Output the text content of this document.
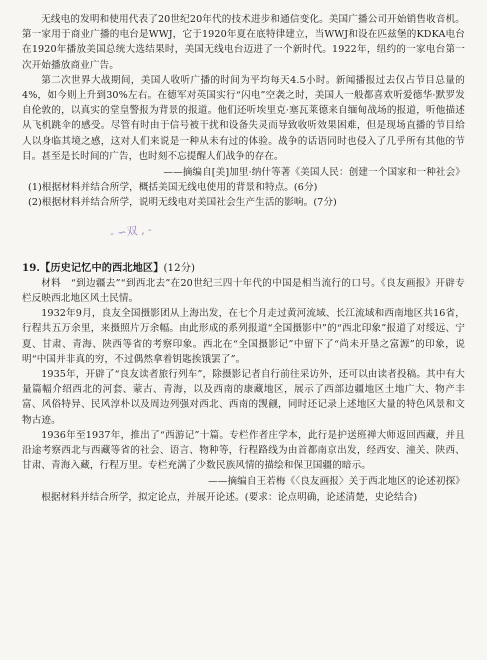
无线电的发明和使用代表了20世纪20年代的技术进步和通信变化。美国广播公司开始销售收音机。第一家用于商业广播的电台是WWJ，它于1920年夏在底特律建立，当WWJ和设在匹兹堡的KDKA电台在1920年播放美国总统大选结果时，美国无线电台迈进了一个新时代。1922年，纽约的一家电台第一次开始播放商业广告。

第二次世界大战期间，美国人收听广播的时间为平均每天4.5小时。新闻播报过去仅占节目总量的4%，如今则上升到30%左右。在德军对英国实行“闪电”空袭之时，美国人一般都喜欢听爱德华·默罗发自伦敦的，以真实的堂皇警报为背景的报道。他们还听埃里克·塞瓦莱德来自缅甸战场的报道，听他描述从飞机跳伞的感受。尽管有时由于信号被干扰和设备失灵而导致收听效果困难，但是现场直播的节目给人以身临其境之感，这对人们来说是一种从未有过的体验。战争的话语同时也侵入了几乎所有其他的节目。甚至是长时间的广告，也时刻不忘提醒人们战争的存在。

——摘编自[美]加里·纳什等著《美国人民：创建一个国家和一种社会》

(1)根据材料并结合所学，概括美国无线电使用的背景和特点。(6分)

(2)根据材料并结合所学，说明无线电对美国社会生产生活的影响。(7分)

- ∽双 ‚ -

19.【历史记忆中的西北地区】(12分)

材料　“到边疆去”“到西北去”在20世纪三四十年代的中国是相当流行的口号。《良友画报》开辟专栏反映西北地区风土民情。

1932年9月，良友全国摄影团从上海出发，在七个月走过黄河流域、长江流域和西南地区共16省，行程共五万余里，来摄照片万余幅。由此形成的系列报道“全国摄影中”的“西北印象”报道了对绥远、宁夏、甘肃、青海、陕西等省的考察印象。西北在“全国摄影记”中留下了“尚未开垦之富源”的印象，说明“中国并非真的穷，不过偶然拿着钥匙挨饿罢了”。

1935年，开辟了“良友读者旅行列车”，除摄影记者自行前往采访外，还可以由读者投稿。其中有大量篇幅介绍西北的河套、蒙古、青海，以及西南的康藏地区，展示了西部边疆地区土地广大、物产丰富、风俗特异、民风淳朴以及周边列强对西北、西南的觊觎，同时还记录上述地区大量的特色风景和文物古迹。

1936年至1937年，推出了“西游记”十篇。专栏作者庄学本，此行是护送班禅大师返回西藏，并且沿途考察西北与西藏等省的社会、语言、物种等，行程路线为由首都南京出发，经西安、潼关、陕西、甘肃、青海入藏，行程万里。专栏充满了少数民族风情的描绘和保卫国疆的暗示。

——摘编自王若梅《〈良友画报〉关于西北地区的论述初探》

根据材料并结合所学，拟定论点，并展开论述。(要求：论点明确，论述清楚，史论结合)
